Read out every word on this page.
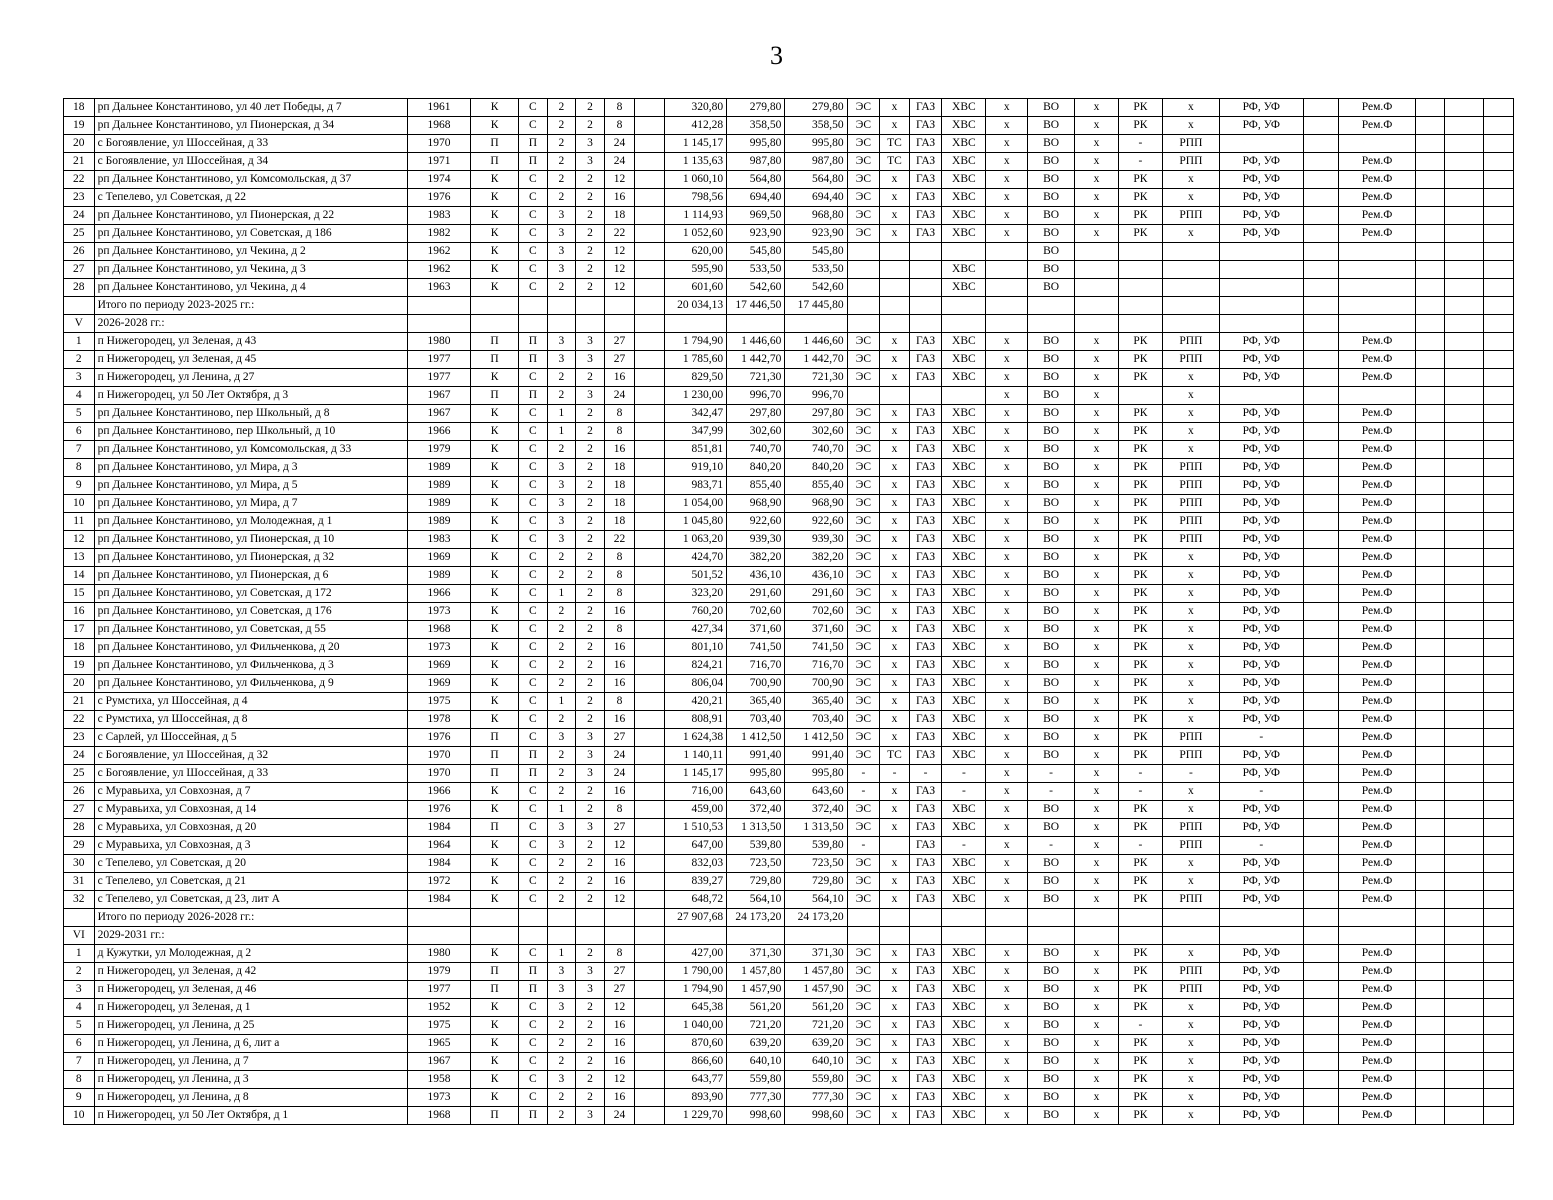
3
18	рп Дальнее Константиново, ул 40 лет Победы, д 7	1961	К	С	2	2	8		320,80	279,80	279,80	ЭС	х	ГАЗ	ХВС	х	ВО	х	РК	х	РФ, УФ		Рем.Ф			
19	рп Дальнее Константиново, ул Пионерская, д 34	1968	К	С	2	2	8		412,28	358,50	358,50	ЭС	х	ГАЗ	ХВС	х	ВО	х	РК	х	РФ, УФ		Рем.Ф			
20	с Богоявление, ул Шоссейная, д 33	1970	П	П	2	3	24		1 145,17	995,80	995,80	ЭС	ТС	ГАЗ	ХВС	х	ВО	х	-	РПП						
21	с Богоявление, ул Шоссейная, д 34	1971	П	П	2	3	24		1 135,63	987,80	987,80	ЭС	ТС	ГАЗ	ХВС	х	ВО	х	-	РПП	РФ, УФ		Рем.Ф			
22	рп Дальнее Константиново, ул Комсомольская, д 37	1974	К	С	2	2	12		1 060,10	564,80	564,80	ЭС	х	ГАЗ	ХВС	х	ВО	х	РК	х	РФ, УФ		Рем.Ф			
23	с Тепелево, ул Советская, д 22	1976	К	С	2	2	16		798,56	694,40	694,40	ЭС	х	ГАЗ	ХВС	х	ВО	х	РК	х	РФ, УФ		Рем.Ф			
24	рп Дальнее Константиново, ул Пионерская, д 22	1983	К	С	3	2	18		1 114,93	969,50	968,80	ЭС	х	ГАЗ	ХВС	х	ВО	х	РК	РПП	РФ, УФ		Рем.Ф			
25	рп Дальнее Константиново, ул Советская, д 186	1982	К	С	3	2	22		1 052,60	923,90	923,90	ЭС	х	ГАЗ	ХВС	х	ВО	х	РК	х	РФ, УФ		Рем.Ф			
26	рп Дальнее Константиново, ул Чекина, д 2	1962	К	С	3	2	12		620,00	545,80	545,80						ВО									
27	рп Дальнее Константиново, ул Чекина, д 3	1962	К	С	3	2	12		595,90	533,50	533,50				ХВС		ВО									
28	рп Дальнее Константиново, ул Чекина, д 4	1963	К	С	2	2	12		601,60	542,60	542,60				ХВС		ВО									
	Итого по периоду 2023-2025 гг.:								20 034,13	17 446,50	17 445,80															
V	2026-2028 гг.:																									
1	п Нижегородец, ул Зеленая, д 43	1980	П	П	3	3	27		1 794,90	1 446,60	1 446,60	ЭС	х	ГАЗ	ХВС	х	ВО	х	РК	РПП	РФ, УФ		Рем.Ф			
2	п Нижегородец, ул Зеленая, д 45	1977	П	П	3	3	27		1 785,60	1 442,70	1 442,70	ЭС	х	ГАЗ	ХВС	х	ВО	х	РК	РПП	РФ, УФ		Рем.Ф			
3	п Нижегородец, ул Ленина, д 27	1977	К	С	2	2	16		829,50	721,30	721,30	ЭС	х	ГАЗ	ХВС	х	ВО	х	РК	х	РФ, УФ		Рем.Ф			
4	п Нижегородец, ул 50 Лет Октября, д 3	1967	П	П	2	3	24		1 230,00	996,70	996,70					х	ВО	х		х						
5	рп Дальнее Константиново, пер Школьный, д 8	1967	К	С	1	2	8		342,47	297,80	297,80	ЭС	х	ГАЗ	ХВС	х	ВО	х	РК	х	РФ, УФ		Рем.Ф			
6	рп Дальнее Константиново, пер Школьный, д 10	1966	К	С	1	2	8		347,99	302,60	302,60	ЭС	х	ГАЗ	ХВС	х	ВО	х	РК	х	РФ, УФ		Рем.Ф			
7	рп Дальнее Константиново, ул Комсомольская, д 33	1979	К	С	2	2	16		851,81	740,70	740,70	ЭС	х	ГАЗ	ХВС	х	ВО	х	РК	х	РФ, УФ		Рем.Ф			
8	рп Дальнее Константиново, ул Мира, д 3	1989	К	С	3	2	18		919,10	840,20	840,20	ЭС	х	ГАЗ	ХВС	х	ВО	х	РК	РПП	РФ, УФ		Рем.Ф			
9	рп Дальнее Константиново, ул Мира, д 5	1989	К	С	3	2	18		983,71	855,40	855,40	ЭС	х	ГАЗ	ХВС	х	ВО	х	РК	РПП	РФ, УФ		Рем.Ф			
10	рп Дальнее Константиново, ул Мира, д 7	1989	К	С	3	2	18		1 054,00	968,90	968,90	ЭС	х	ГАЗ	ХВС	х	ВО	х	РК	РПП	РФ, УФ		Рем.Ф			
11	рп Дальнее Константиново, ул Молодежная, д 1	1989	К	С	3	2	18		1 045,80	922,60	922,60	ЭС	х	ГАЗ	ХВС	х	ВО	х	РК	РПП	РФ, УФ		Рем.Ф			
12	рп Дальнее Константиново, ул Пионерская, д 10	1983	К	С	3	2	22		1 063,20	939,30	939,30	ЭС	х	ГАЗ	ХВС	х	ВО	х	РК	РПП	РФ, УФ		Рем.Ф			
13	рп Дальнее Константиново, ул Пионерская, д 32	1969	К	С	2	2	8		424,70	382,20	382,20	ЭС	х	ГАЗ	ХВС	х	ВО	х	РК	х	РФ, УФ		Рем.Ф			
14	рп Дальнее Константиново, ул Пионерская, д 6	1989	К	С	2	2	8		501,52	436,10	436,10	ЭС	х	ГАЗ	ХВС	х	ВО	х	РК	х	РФ, УФ		Рем.Ф			
15	рп Дальнее Константиново, ул Советская, д 172	1966	К	С	1	2	8		323,20	291,60	291,60	ЭС	х	ГАЗ	ХВС	х	ВО	х	РК	х	РФ, УФ		Рем.Ф			
16	рп Дальнее Константиново, ул Советская, д 176	1973	К	С	2	2	16		760,20	702,60	702,60	ЭС	х	ГАЗ	ХВС	х	ВО	х	РК	х	РФ, УФ		Рем.Ф			
17	рп Дальнее Константиново, ул Советская, д 55	1968	К	С	2	2	8		427,34	371,60	371,60	ЭС	х	ГАЗ	ХВС	х	ВО	х	РК	х	РФ, УФ		Рем.Ф			
18	рп Дальнее Константиново, ул Фильченкова, д 20	1973	К	С	2	2	16		801,10	741,50	741,50	ЭС	х	ГАЗ	ХВС	х	ВО	х	РК	х	РФ, УФ		Рем.Ф			
19	рп Дальнее Константиново, ул Фильченкова, д 3	1969	К	С	2	2	16		824,21	716,70	716,70	ЭС	х	ГАЗ	ХВС	х	ВО	х	РК	х	РФ, УФ		Рем.Ф			
20	рп Дальнее Константиново, ул Фильченкова, д 9	1969	К	С	2	2	16		806,04	700,90	700,90	ЭС	х	ГАЗ	ХВС	х	ВО	х	РК	х	РФ, УФ		Рем.Ф			
21	с Румстиха, ул Шоссейная, д 4	1975	К	С	1	2	8		420,21	365,40	365,40	ЭС	х	ГАЗ	ХВС	х	ВО	х	РК	х	РФ, УФ		Рем.Ф			
22	с Румстиха, ул Шоссейная, д 8	1978	К	С	2	2	16		808,91	703,40	703,40	ЭС	х	ГАЗ	ХВС	х	ВО	х	РК	х	РФ, УФ		Рем.Ф			
23	с Сарлей, ул Шоссейная, д 5	1976	П	С	3	3	27		1 624,38	1 412,50	1 412,50	ЭС	х	ГАЗ	ХВС	х	ВО	х	РК	РПП	-		Рем.Ф			
24	с Богоявление, ул Шоссейная, д 32	1970	П	П	2	3	24		1 140,11	991,40	991,40	ЭС	ТС	ГАЗ	ХВС	х	ВО	х	РК	РПП	РФ, УФ		Рем.Ф			
25	с Богоявление, ул Шоссейная, д 33	1970	П	П	2	3	24		1 145,17	995,80	995,80	-	-	-	-	х	-	х	-	-	РФ, УФ		Рем.Ф			
26	с Муравьиха, ул Совхозная, д 7	1966	К	С	2	2	16		716,00	643,60	643,60	-	х	ГАЗ	-	х	-	х	-	х	-		Рем.Ф			
27	с Муравьиха, ул Совхозная, д 14	1976	К	С	1	2	8		459,00	372,40	372,40	ЭС	х	ГАЗ	ХВС	х	ВО	х	РК	х	РФ, УФ		Рем.Ф			
28	с Муравьиха, ул Совхозная, д 20	1984	П	С	3	3	27		1 510,53	1 313,50	1 313,50	ЭС	х	ГАЗ	ХВС	х	ВО	х	РК	РПП	РФ, УФ		Рем.Ф			
29	с Муравьиха, ул Совхозная, д 3	1964	К	С	3	2	12		647,00	539,80	539,80	-		ГАЗ	-	х	-	х	-	РПП	-		Рем.Ф			
30	с Тепелево, ул Советская, д 20	1984	К	С	2	2	16		832,03	723,50	723,50	ЭС	х	ГАЗ	ХВС	х	ВО	х	РК	х	РФ, УФ		Рем.Ф			
31	с Тепелево, ул Советская, д 21	1972	К	С	2	2	16		839,27	729,80	729,80	ЭС	х	ГАЗ	ХВС	х	ВО	х	РК	х	РФ, УФ		Рем.Ф			
32	с Тепелево, ул Советская, д 23, лит А	1984	К	С	2	2	12		648,72	564,10	564,10	ЭС	х	ГАЗ	ХВС	х	ВО	х	РК	РПП	РФ, УФ		Рем.Ф			
	Итого по периоду 2026-2028 гг.:								27 907,68	24 173,20	24 173,20															
VI	2029-2031 гг.:																									
1	д Кужутки, ул Молодежная, д 2	1980	К	С	1	2	8		427,00	371,30	371,30	ЭС	х	ГАЗ	ХВС	х	ВО	х	РК	х	РФ, УФ		Рем.Ф			
2	п Нижегородец, ул Зеленая, д 42	1979	П	П	3	3	27		1 790,00	1 457,80	1 457,80	ЭС	х	ГАЗ	ХВС	х	ВО	х	РК	РПП	РФ, УФ		Рем.Ф			
3	п Нижегородец, ул Зеленая, д 46	1977	П	П	3	3	27		1 794,90	1 457,90	1 457,90	ЭС	х	ГАЗ	ХВС	х	ВО	х	РК	РПП	РФ, УФ		Рем.Ф			
4	п Нижегородец, ул Зеленая, д 1	1952	К	С	3	2	12		645,38	561,20	561,20	ЭС	х	ГАЗ	ХВС	х	ВО	х	РК	х	РФ, УФ		Рем.Ф			
5	п Нижегородец, ул Ленина, д 25	1975	К	С	2	2	16		1 040,00	721,20	721,20	ЭС	х	ГАЗ	ХВС	х	ВО	х	-	х	РФ, УФ		Рем.Ф			
6	п Нижегородец, ул Ленина, д 6, лит а	1965	К	С	2	2	16		870,60	639,20	639,20	ЭС	х	ГАЗ	ХВС	х	ВО	х	РК	х	РФ, УФ		Рем.Ф			
7	п Нижегородец, ул Ленина, д 7	1967	К	С	2	2	16		866,60	640,10	640,10	ЭС	х	ГАЗ	ХВС	х	ВО	х	РК	х	РФ, УФ		Рем.Ф			
8	п Нижегородец, ул Ленина, д 3	1958	К	С	3	2	12		643,77	559,80	559,80	ЭС	х	ГАЗ	ХВС	х	ВО	х	РК	х	РФ, УФ		Рем.Ф			
9	п Нижегородец, ул Ленина, д 8	1973	К	С	2	2	16		893,90	777,30	777,30	ЭС	х	ГАЗ	ХВС	х	ВО	х	РК	х	РФ, УФ		Рем.Ф			
10	п Нижегородец, ул 50 Лет Октября, д 1	1968	П	П	2	3	24		1 229,70	998,60	998,60	ЭС	х	ГАЗ	ХВС	х	ВО	х	РК	х	РФ, УФ		Рем.Ф			
